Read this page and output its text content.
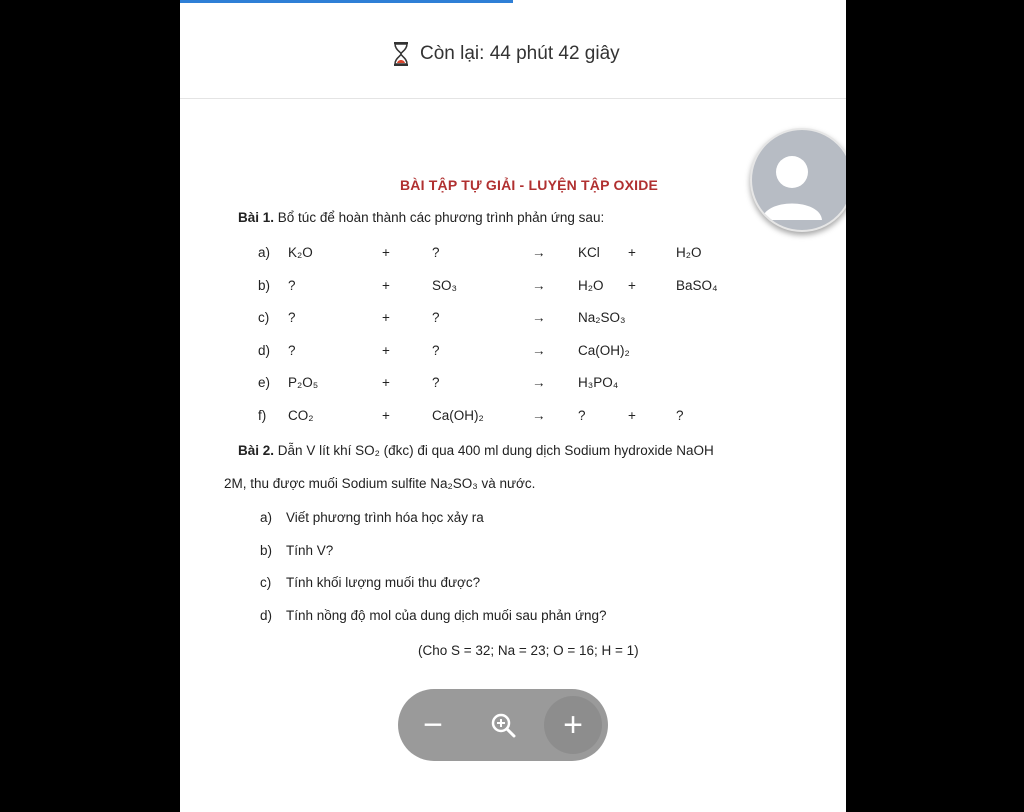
Còn lại: 44 phút 42 giây
BÀI TẬP TỰ GIẢI - LUYỆN TẬP OXIDE
Bài 1. Bổ túc để hoàn thành các phương trình phản ứng sau:
a) K₂O	+	?	→ KCl +	H₂O
b) ?	+	SO₃	→ H₂O +	BaSO₄
c) ?	+	?	→ Na₂SO₃
d) ?	+	?	→ Ca(OH)₂
e) P₂O₅	+	?	→ H₃PO₄
f) CO₂	+	Ca(OH)₂	→ ?	+	?
Bài 2. Dẫn V lít khí SO₂ (đkc) đi qua 400 ml dung dịch Sodium hydroxide NaOH
2M, thu được muối Sodium sulfite Na₂SO₃ và nước.
a) Viết phương trình hóa học xảy ra
b) Tính V?
c) Tính khối lượng muối thu được?
d) Tính nồng độ mol của dung dịch muối sau phản ứng?
(Cho S = 32; Na = 23; O = 16; H = 1)
−	+
